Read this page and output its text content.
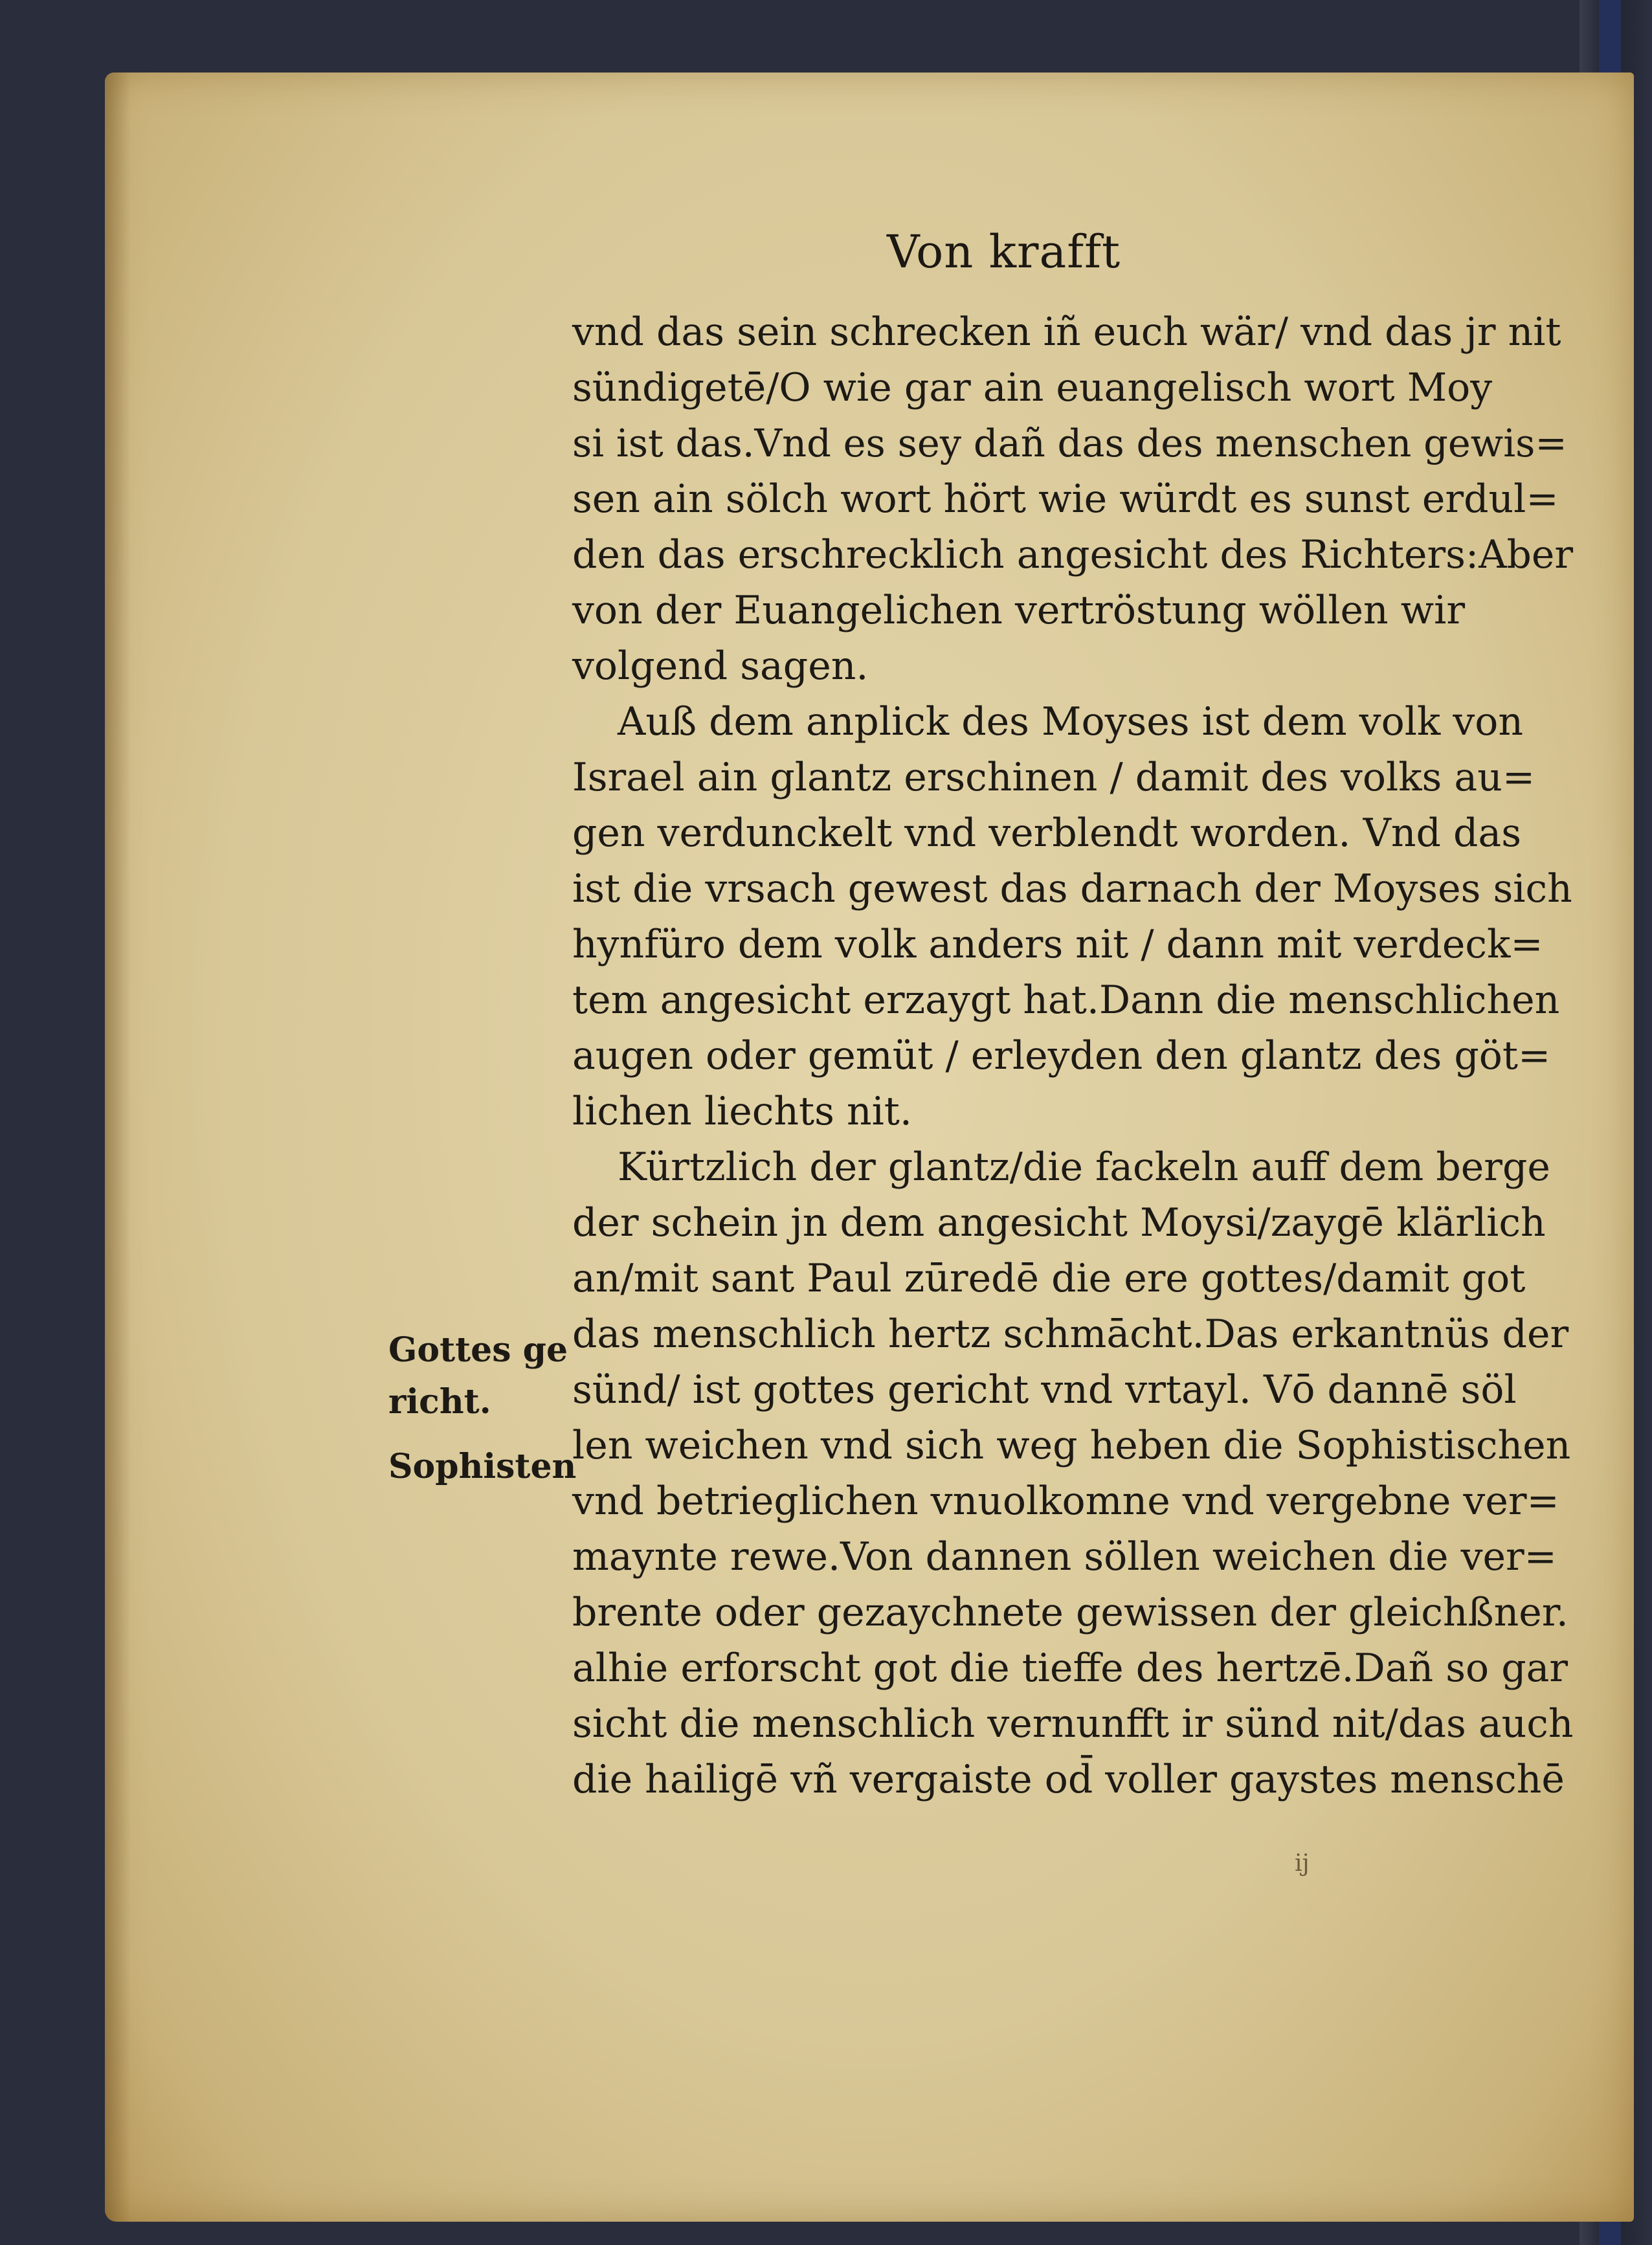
Von krafft
vnd das sein schrecken iñ euch wär/ vnd das jr nit
sündigetē/O wie gar ain euangelisch wort Moy
si ist das.Vnd es sey dañ das des menschen gewis=
sen ain sölch wort hört wie würdt es sunst erdul=
den das erschrecklich angesicht des Richters:Aber
von der Euangelichen vertröstung wöllen wir
volgend sagen.
Auß dem anplick des Moyses ist dem volk von
Israel ain glantz erschinen / damit des volks au=
gen verdunckelt vnd verblendt worden. Vnd das
ist die vrsach gewest das darnach der Moyses sich
hynfüro dem volk anders nit / dann mit verdeck=
tem angesicht erzaygt hat.Dann die menschlichen
augen oder gemüt / erleyden den glantz des göt=
lichen liechts nit.
Kürtzlich der glantz/die fackeln auff dem berge
der schein jn dem angesicht Moysi/zaygē klärlich
an/mit sant Paul zūredē die ere gottes/damit got
das menschlich hertz schmācht.Das erkantnüs der
sünd/ ist gottes gericht vnd vrtayl. Vō dannē söl
len weichen vnd sich weg heben die Sophistischen
vnd betrieglichen vnuolkomne vnd vergebne ver=
maynte rewe.Von dannen söllen weichen die ver=
brente oder gezaychnete gewissen der gleichßner.
alhie erforscht got die tieffe des hertzē.Dañ so gar
sicht die menschlich vernunfft ir sünd nit/das auch
die hailigē vñ vergaiste od̄ voller gaystes menschē
Gottes ge
richt.
Sophisten
ij
